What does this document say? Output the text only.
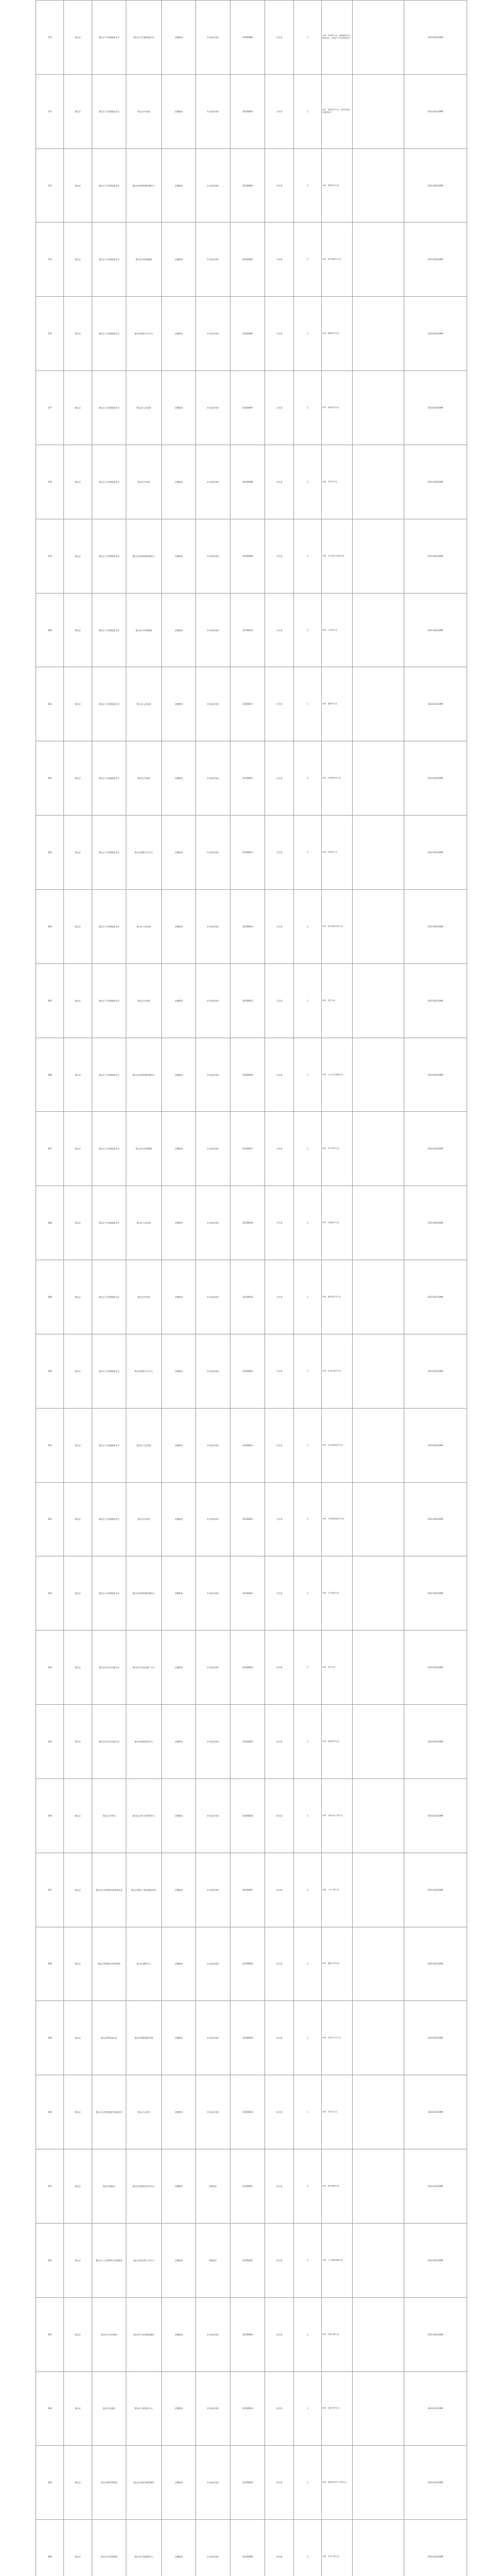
272	璧山区	璧山区卫生健康委员会	璧山区卫生健康委员会	全额拨款	专业技术岗位	14150802	卫生类	1	专科：护理学专业，普通高校全日制毕业生，具有护士执业资格证书		023-41421099
273	璧山区	璧山区卫生健康委员会	璧山区中医院	全额拨款	专业技术岗位	14150803	卫生类	1	本科：临床医学专业，具有执业医师资格证书		023-41421099
274	璧山区	璧山区卫生健康委员会	璧山区疾病预防控制中心	全额拨款	专业技术岗位	14150804	卫生类	1	本科：预防医学专业		023-41421099
275	璧山区	璧山区卫生健康委员会	璧山区妇幼保健院	全额拨款	专业技术岗位	14150805	卫生类	1	本科：医学影像学专业		023-41421099
276	璧山区	璧山区卫生健康委员会	璧山区精神卫生中心	全额拨款	专业技术岗位	14150806	卫生类	1	本科：精神医学专业		023-41421099
277	璧山区	璧山区卫生健康委员会	璧山区人民医院	全额拨款	专业技术岗位	14150807	卫生类	1	本科：临床医学专业		023-41421099
278	璧山区	璧山区卫生健康委员会	璧山区中医院	全额拨款	专业技术岗位	14150808	卫生类	1	本科：中医学专业		023-41421099
279	璧山区	璧山区卫生健康委员会	璧山区疾病预防控制中心	全额拨款	专业技术岗位	14150809	卫生类	1	本科：卫生检验与检疫专业		023-41421099
280	璧山区	璧山区卫生健康委员会	璧山区妇幼保健院	全额拨款	专业技术岗位	14150810	卫生类	1	本科：儿科学专业		023-41421099
281	璧山区	璧山区卫生健康委员会	璧山区人民医院	全额拨款	专业技术岗位	14150811	卫生类	1	本科：麻醉学专业		023-41421099
282	璧山区	璧山区卫生健康委员会	璧山区中医院	全额拨款	专业技术岗位	14150812	卫生类	1	本科：针灸推拿学专业		023-41421099
283	璧山区	璧山区卫生健康委员会	璧山区精神卫生中心	全额拨款	专业技术岗位	14150813	卫生类	1	本科：护理学专业		023-41421099
284	璧山区	璧山区卫生健康委员会	璧山区人民医院	全额拨款	专业技术岗位	14150814	卫生类	1	本科：医学检验技术专业		023-41421099
285	璧山区	璧山区卫生健康委员会	璧山区中医院	全额拨款	专业技术岗位	14150815	卫生类	1	本科：药学专业		023-41421099
286	璧山区	璧山区卫生健康委员会	璧山区疾病预防控制中心	全额拨款	专业技术岗位	14150816	卫生类	1	本科：公共卫生管理专业		023-41421099
287	璧山区	璧山区卫生健康委员会	璧山区妇幼保健院	全额拨款	专业技术岗位	14150817	卫生类	1	本科：妇产科学专业		023-41421099
288	璧山区	璧山区卫生健康委员会	璧山区人民医院	全额拨款	专业技术岗位	14150818	卫生类	1	本科：口腔医学专业		023-41421099
289	璧山区	璧山区卫生健康委员会	璧山区中医院	全额拨款	专业技术岗位	14150819	卫生类	1	本科：康复治疗学专业		023-41421099
290	璧山区	璧山区卫生健康委员会	璧山区精神卫生中心	全额拨款	专业技术岗位	14150820	卫生类	1	本科：应用心理学专业		023-41421099
291	璧山区	璧山区卫生健康委员会	璧山区人民医院	全额拨款	专业技术岗位	14150821	卫生类	1	本科：医学影像技术专业		023-41421099
292	璧山区	璧山区卫生健康委员会	璧山区中医院	全额拨款	专业技术岗位	14150822	卫生类	1	本科：中西医临床医学专业		023-41421099
293	璧山区	璧山区卫生健康委员会	璧山区疾病预防控制中心	全额拨款	专业技术岗位	14150823	卫生类	1	本科：卫生检验专业		023-41421099
294	璧山区	璧山区农业农村委员会	璧山区农业技术推广中心	全额拨款	专业技术岗位	14150824	综合类	1	本科：农学专业		023-41421099
295	璧山区	璧山区农业农村委员会	璧山区畜牧兽医中心	全额拨款	专业技术岗位	14150825	综合类	1	本科：动物医学专业		023-41421099
296	璧山区	璧山区水利局	璧山区水利工程管理中心	全额拨款	专业技术岗位	14150826	综合类	1	本科：水利水电工程专业		023-41421099
297	璧山区	璧山区住房和城乡建设委员会	璧山区建设工程质量监督站	全额拨款	专业技术岗位	14150827	综合类	1	本科：土木工程专业		023-41421099
298	璧山区	璧山区规划和自然资源局	璧山区测绘中心	全额拨款	专业技术岗位	14150828	综合类	1	本科：测绘工程专业		023-41421099
299	璧山区	璧山区教育委员会	璧山区教师进修学校	全额拨款	专业技术岗位	14150829	综合类	1	本科：汉语言文学专业		023-41421099
300	璧山区	璧山区文化和旅游发展委员会	璧山区文化馆	全额拨款	专业技术岗位	14150830	综合类	1	本科：音乐学专业		023-41421099
301	璧山区	璧山区财政局	璧山区财政投资评审中心	全额拨款	管理岗位	14150831	综合类	1	本科：财务管理专业		023-41421099
302	璧山区	璧山区人力资源和社会保障局	璧山区就业和人才中心	全额拨款	管理岗位	14150832	综合类	1	本科：人力资源管理专业		023-41421099
303	璧山区	璧山区生态环境局	璧山区生态环境监测站	全额拨款	专业技术岗位	14150833	综合类	1	本科：环境工程专业		023-41421099
304	璧山区	璧山区交通局	璧山区公路养护中心	全额拨款	专业技术岗位	14150834	综合类	1	本科：交通工程专业		023-41421099
305	璧山区	璧山区城市管理局	璧山区市政设施管理所	全额拨款	专业技术岗位	14150835	综合类	1	本科：给排水科学与工程专业		023-41421099
306	璧山区	璧山区应急管理局	璧山区应急救援中心	全额拨款	专业技术岗位	14150836	综合类	1	本科：安全工程专业		023-41421099
